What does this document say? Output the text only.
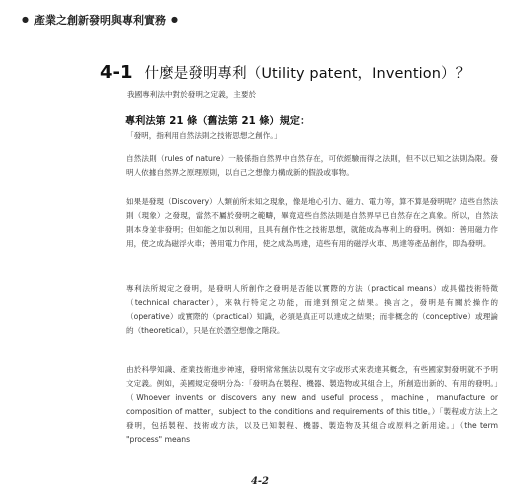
● 產業之創新發明與專利實務 ●
4-1 什麼是發明專利（Utility patent，Invention）？
我國專利法中對於發明之定義，主要於
專利法第 21 條（舊法第 21 條）規定：

「發明，指利用自然法則之技術思想之創作。」

自然法則（rules of nature）一般係指自然界中自然存在，可依經驗而得之法則，但不以已知之法則為限。發明人依據自然界之原理原則，以自己之想像力構成新的假設或事物。

如果是發現（Discovery）人類前所未知之現象，像是地心引力、磁力、電力等，算不算是發明呢？這些自然法則（現象）之發現，當然不屬於發明之範疇，畢竟這些自然法則是自然界早已自然存在之真象。所以，自然法則本身並非發明；但如能之加以利用，且具有創作性之技術思想，就能成為專利上的發明。例如：善用磁力作用，使之成為磁浮火車；善用電力作用，使之成為馬達，這些有用的磁浮火車、馬達等產品創作，即為發明。

專利法所規定之發明，是發明人所創作之發明是否能以實際的方法（practical means）或具備技術特徵（technical character），來執行特定之功能，而達到預定之結果。換言之，發明是有關於操作的（operative）或實際的（practical）知識，必須是真正可以達成之結果；而非概念的（conceptive）或理論的（theoretical），只是在於憑空想像之階段。

由於科學知識、產業技術進步神速，發明常常無法以現有文字或形式來表達其概念，有些國家對發明就不予明文定義。例如，美國規定發明分為：「發明為在製程、機器、製造物或其組合上，所創造出新的、有用的發明。」（Whoever invents or discovers any new and useful process，machine，manufacture or composition of matter，subject to the conditions and requirements of this title。）「製程或方法上之發明，包括製程、技術或方法，以及已知製程、機器、製造物及其組合或原料之新用途。」（the term "process" means

4-2
